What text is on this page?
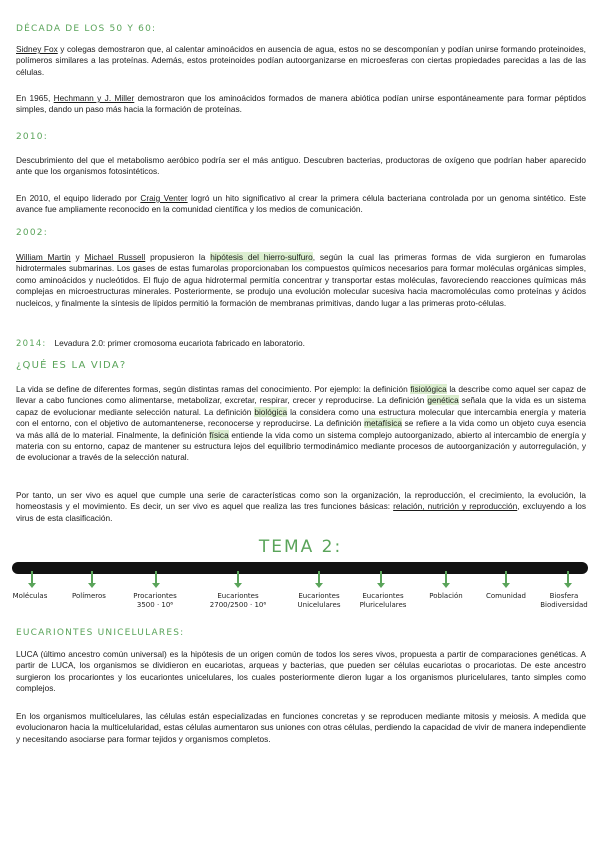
DÉCADA DE LOS 50 Y 60:

Sidney Fox y colegas demostraron que, al calentar aminoácidos en ausencia de agua, estos no se descomponían y podían unirse formando proteinoides, polímeros similares a las proteínas. Además, estos proteinoides podían autoorganizarse en microesferas con ciertas propiedades parecidas a las de las células.

En 1965, Hechmann y J. Miller demostraron que los aminoácidos formados de manera abiótica podían unirse espontáneamente para formar péptidos simples, dando un paso más hacia la formación de proteínas.

2010:

Descubrimiento del que el metabolismo aeróbico podría ser el más antiguo. Descubren bacterias, productoras de oxígeno que podrían haber aparecido ante que los organismos fotosintéticos.

En 2010, el equipo liderado por Craig Venter logró un hito significativo al crear la primera célula bacteriana controlada por un genoma sintético. Este avance fue ampliamente reconocido en la comunidad científica y los medios de comunicación.

2002:

William Martin y Michael Russell propusieron la hipótesis del hierro-sulfuro, según la cual las primeras formas de vida surgieron en fumarolas hidrotermales submarinas. Los gases de estas fumarolas proporcionaban los compuestos químicos necesarios para formar moléculas orgánicas simples, como aminoácidos y nucleótidos. El flujo de agua hidrotermal permitía concentrar y transportar estas moléculas, favoreciendo reacciones químicas más complejas en microestructuras minerales. Posteriormente, se produjo una evolución molecular sucesiva hacia macromoléculas como proteínas y ácidos nucleicos, y finalmente la síntesis de lípidos permitió la formación de membranas primitivas, dando lugar a las primeras proto-células.

2014: Levadura 2.0: primer cromosoma eucariota fabricado en laboratorio.
¿QUÉ ES LA VIDA?

La vida se define de diferentes formas, según distintas ramas del conocimiento. Por ejemplo: la definición fisiológica la describe como aquel ser capaz de llevar a cabo funciones como alimentarse, metabolizar, excretar, respirar, crecer y reproducirse. La definición genética señala que la vida es un sistema capaz de evolucionar mediante selección natural. La definición biológica la considera como una estructura molecular que intercambia energía y materia con el entorno, con el objetivo de automantenerse, reconocerse y reproducirse. La definición metafísica se refiere a la vida como un objeto cuya esencia va más allá de lo material. Finalmente, la definición física entiende la vida como un sistema complejo autoorganizado, abierto al intercambio de energía y materia con su entorno, capaz de mantener su estructura lejos del equilibrio termodinámico mediante procesos de autoorganización y autorregulación, y de evolucionar a través de la selección natural.

Por tanto, un ser vivo es aquel que cumple una serie de características como son la organización, la reproducción, el crecimiento, la evolución, la homeostasis y el movimiento. Es decir, un ser vivo es aquel que realiza las tres funciones básicas: relación, nutrición y reproducción, excluyendo a los virus de esta clasificación.

TEMA 2:
Moléculas	Polímeros	Procariontes
3500 · 10⁶
Eucariontes
2700/2500 · 10⁶
Eucariontes
Unicelulares
Eucariontes
Pluricelulares
Población	Comunidad	Biosfera
Biodiversidad
EUCARIONTES UNICELULARES:

LUCA (último ancestro común universal) es la hipótesis de un origen común de todos los seres vivos, propuesta a partir de comparaciones genéticas. A partir de LUCA, los organismos se dividieron en eucariotas, arqueas y bacterias, que pueden ser células eucariotas o procariotas. De este ancestro surgieron los procariontes y los eucariontes unicelulares, los cuales posteriormente dieron lugar a los organismos pluricelulares, tanto simples como complejos.

En los organismos multicelulares, las células están especializadas en funciones concretas y se reproducen mediante mitosis y meiosis. A medida que evolucionaron hacia la multicelularidad, estas células aumentaron sus uniones con otras células, perdiendo la capacidad de vivir de manera independiente y necesitando asociarse para formar tejidos y organismos completos.
